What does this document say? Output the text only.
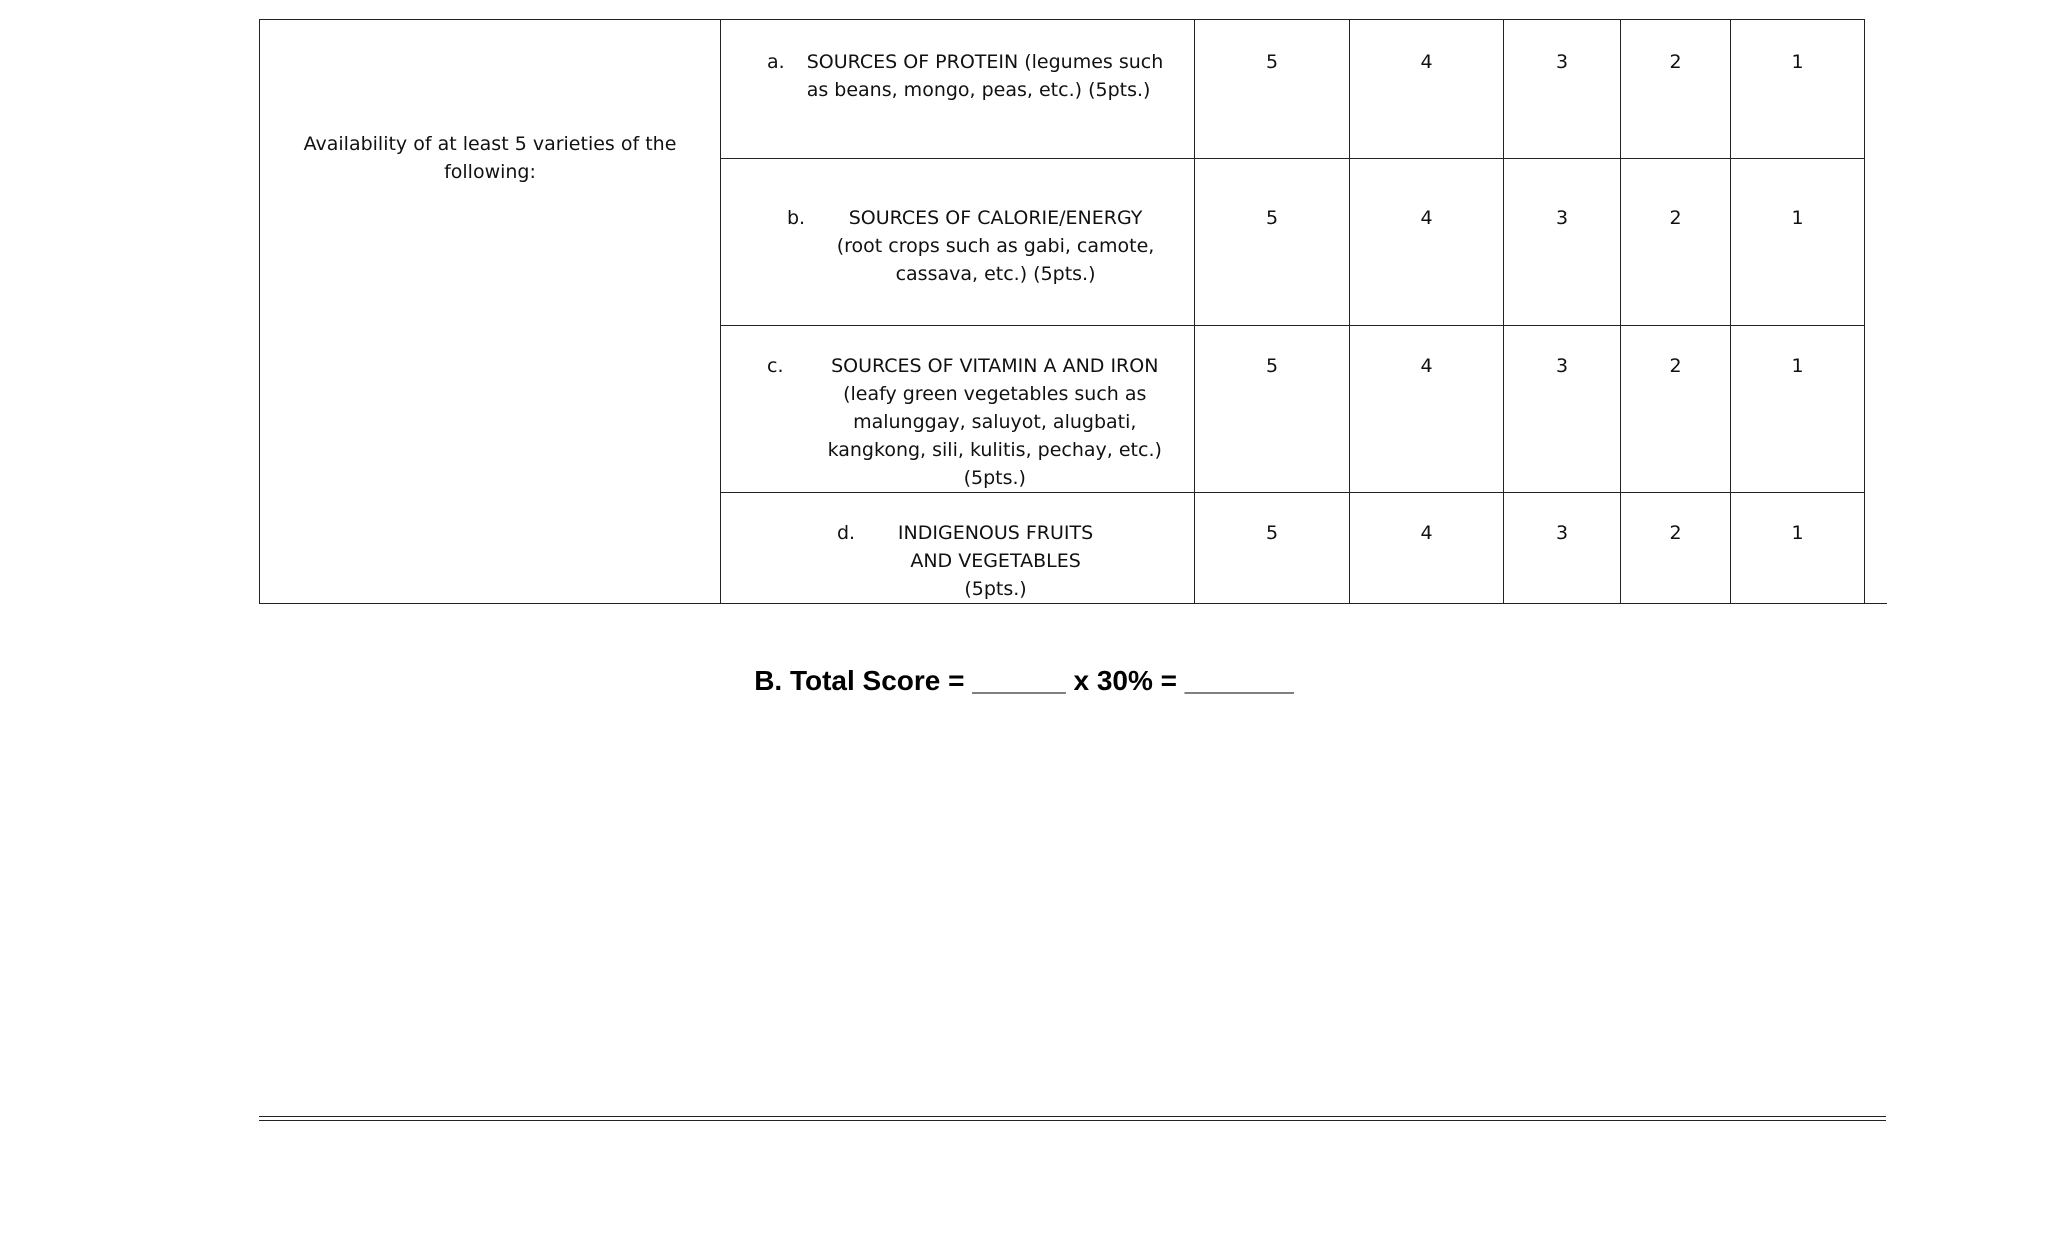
Availability of at least 5 varieties of the following:	a. SOURCES OF PROTEIN (legumes such as beans, mongo, peas, etc.) (5pts.)	5	4	3	2	1	

	b. SOURCES OF CALORIE/ENERGY (root crops such as gabi, camote, cassava, etc.) (5pts.)	5	4	3	2	1	

	c. SOURCES OF VITAMIN A AND IRON (leafy green vegetables such as malunggay, saluyot, alugbati, kangkong, sili, kulitis, pechay, etc.) (5pts.)	5	4	3	2	1	

	d. INDIGENOUS FRUITS AND VEGETABLES (5pts.)	5	4	3	2	1	
B. Total Score = ______ x 30% = _______
